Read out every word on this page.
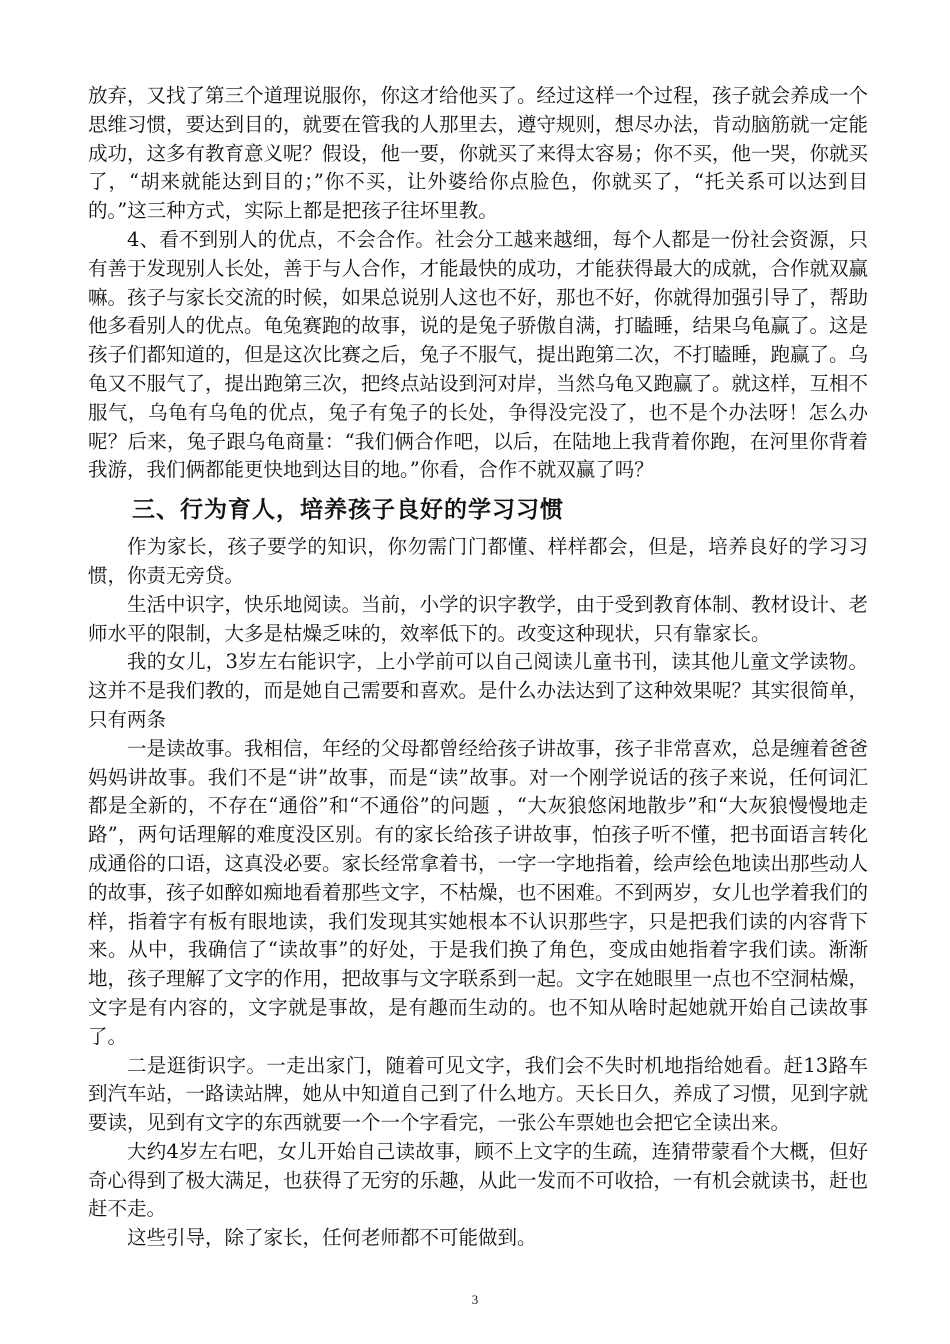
放弃，又找了第三个道理说服你，你这才给他买了。经过这样一个过程，孩子就会养成一个思维习惯，要达到目的，就要在管我的人那里去，遵守规则，想尽办法，肯动脑筋就一定能成功，这多有教育意义呢？假设，他一要，你就买了来得太容易；你不买，他一哭，你就买了，“胡来就能达到目的；”你不买，让外婆给你点脸色，你就买了，“托关系可以达到目的。”这三种方式，实际上都是把孩子往坏里教。

4、看不到别人的优点，不会合作。社会分工越来越细，每个人都是一份社会资源，只有善于发现别人长处，善于与人合作，才能最快的成功，才能获得最大的成就，合作就双赢嘛。孩子与家长交流的时候，如果总说别人这也不好，那也不好，你就得加强引导了，帮助他多看别人的优点。龟兔赛跑的故事，说的是兔子骄傲自满，打瞌睡，结果乌龟赢了。这是孩子们都知道的，但是这次比赛之后，兔子不服气，提出跑第二次，不打瞌睡，跑赢了。乌龟又不服气了，提出跑第三次，把终点站设到河对岸，当然乌龟又跑赢了。就这样，互相不服气，乌龟有乌龟的优点，兔子有兔子的长处，争得没完没了，也不是个办法呀！怎么办呢？后来，兔子跟乌龟商量：“我们俩合作吧，以后，在陆地上我背着你跑，在河里你背着我游，我们俩都能更快地到达目的地。”你看，合作不就双赢了吗？

三、行为育人，培养孩子良好的学习习惯

作为家长，孩子要学的知识，你勿需门门都懂、样样都会，但是，培养良好的学习习惯，你责无旁贷。

生活中识字，快乐地阅读。当前，小学的识字教学，由于受到教育体制、教材设计、老师水平的限制，大多是枯燥乏味的，效率低下的。改变这种现状，只有靠家长。

我的女儿，3岁左右能识字，上小学前可以自己阅读儿童书刊，读其他儿童文学读物。这并不是我们教的，而是她自己需要和喜欢。是什么办法达到了这种效果呢？其实很简单，只有两条

一是读故事。我相信，年经的父母都曾经给孩子讲故事，孩子非常喜欢，总是缠着爸爸妈妈讲故事。我们不是“讲”故事，而是“读”故事。对一个刚学说话的孩子来说，任何词汇都是全新的，不存在“通俗”和“不通俗”的问题 ，“大灰狼悠闲地散步”和“大灰狼慢慢地走路”，两句话理解的难度没区别。有的家长给孩子讲故事，怕孩子听不懂，把书面语言转化成通俗的口语，这真没必要。家长经常拿着书，一字一字地指着，绘声绘色地读出那些动人的故事，孩子如醉如痴地看着那些文字，不枯燥，也不困难。不到两岁，女儿也学着我们的样，指着字有板有眼地读，我们发现其实她根本不认识那些字，只是把我们读的内容背下来。从中，我确信了“读故事”的好处，于是我们换了角色，变成由她指着字我们读。渐渐地，孩子理解了文字的作用，把故事与文字联系到一起。文字在她眼里一点也不空洞枯燥，文字是有内容的，文字就是事故，是有趣而生动的。也不知从啥时起她就开始自己读故事了。

二是逛街识字。一走出家门，随着可见文字，我们会不失时机地指给她看。赶13路车到汽车站，一路读站牌，她从中知道自己到了什么地方。天长日久，养成了习惯，见到字就要读，见到有文字的东西就要一个一个字看完，一张公车票她也会把它全读出来。

大约4岁左右吧，女儿开始自己读故事，顾不上文字的生疏，连猜带蒙看个大概，但好奇心得到了极大满足，也获得了无穷的乐趣，从此一发而不可收拾，一有机会就读书，赶也赶不走。

这些引导，除了家长，任何老师都不可能做到。

3
